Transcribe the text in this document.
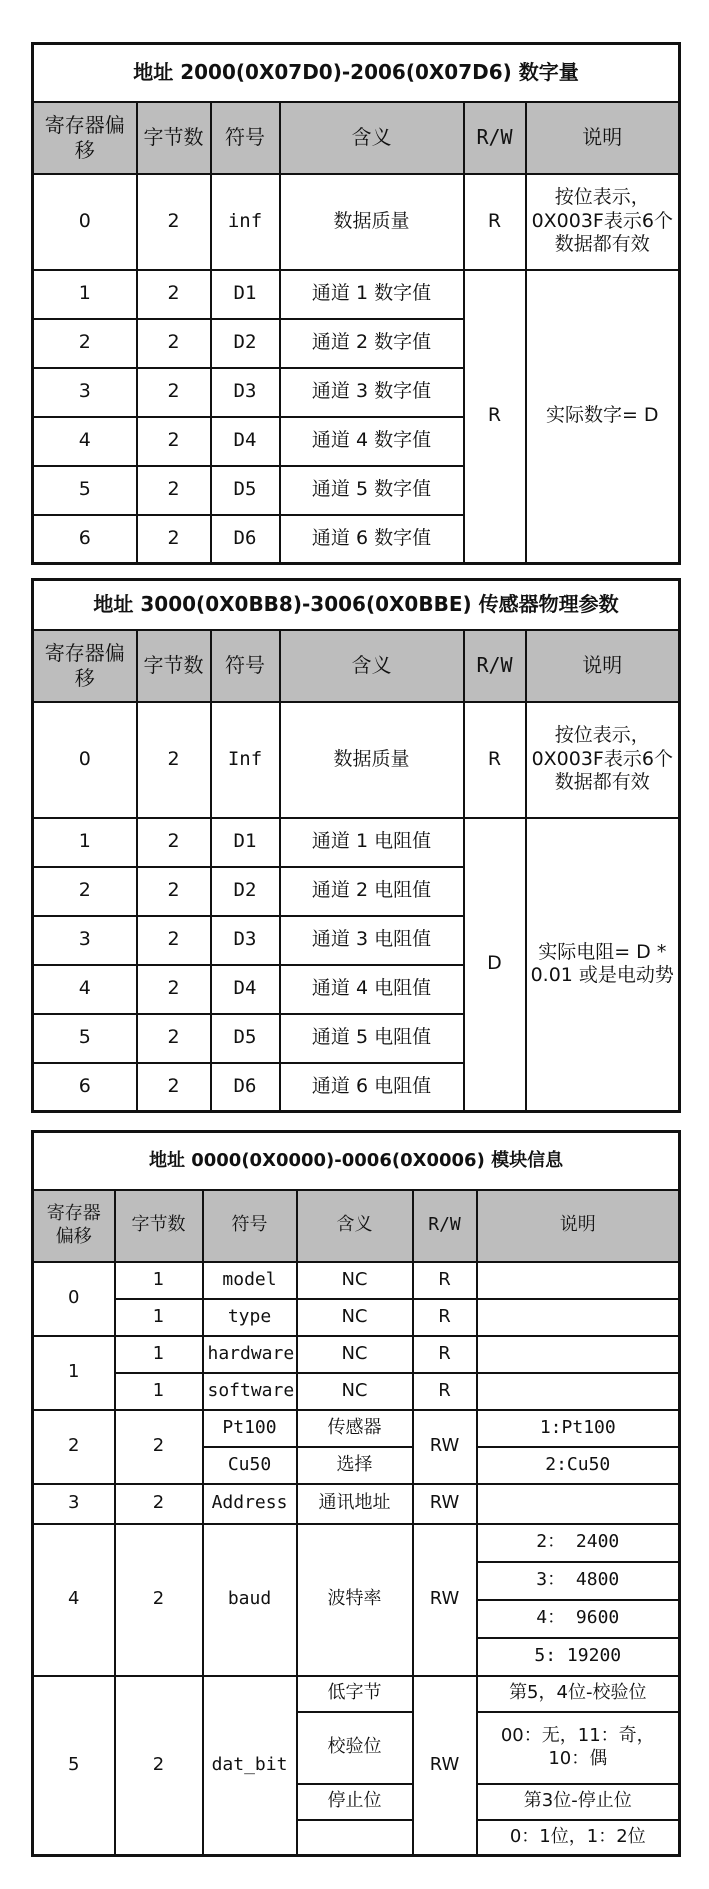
地址 2000(0X07D0)-2006(0X07D6) 数字量					
寄存器偏移	字节数	符号	含义	R/W	说明
0	2	inf	数据质量	R	按位表示，0X003F表示6个数据都有效
1	2	D1	通道 1 数字值	R	实际数字= D
2	2	D2	通道 2 数字值		
3	2	D3	通道 3 数字值		
4	2	D4	通道 4 数字值		
5	2	D5	通道 5 数字值		
6	2	D6	通道 6 数字值		
地址 3000(0X0BB8)-3006(0X0BBE) 传感器物理参数					
寄存器偏移	字节数	符号	含义	R/W	说明
0	2	Inf	数据质量	R	按位表示，0X003F表示6个数据都有效
1	2	D1	通道 1 电阻值	D	实际电阻= D * 0.01 或是电动势
2	2	D2	通道 2 电阻值		
3	2	D3	通道 3 电阻值		
4	2	D4	通道 4 电阻值		
5	2	D5	通道 5 电阻值		
6	2	D6	通道 6 电阻值		
地址 0000(0X0000)-0006(0X0006) 模块信息					
寄存器偏移	字节数	符号	含义	R/W	说明
0	1	model	NC	R	
	1	type	NC	R	
1	1	hardware	NC	R	
	1	software	NC	R	
2	2	Pt100	传感器	RW	1:Pt100
		Cu50	选择		2:Cu50
3	2	Address	通讯地址	RW	
4	2	baud	波特率	RW	2： 2400
					3： 4800
					4： 9600
					5: 19200
5	2	dat_bit	低字节	RW	第5，4位-校验位
			校验位		00：无，11：奇，10：偶

			停止位		第3位-停止位
					0：1位，1：2位
